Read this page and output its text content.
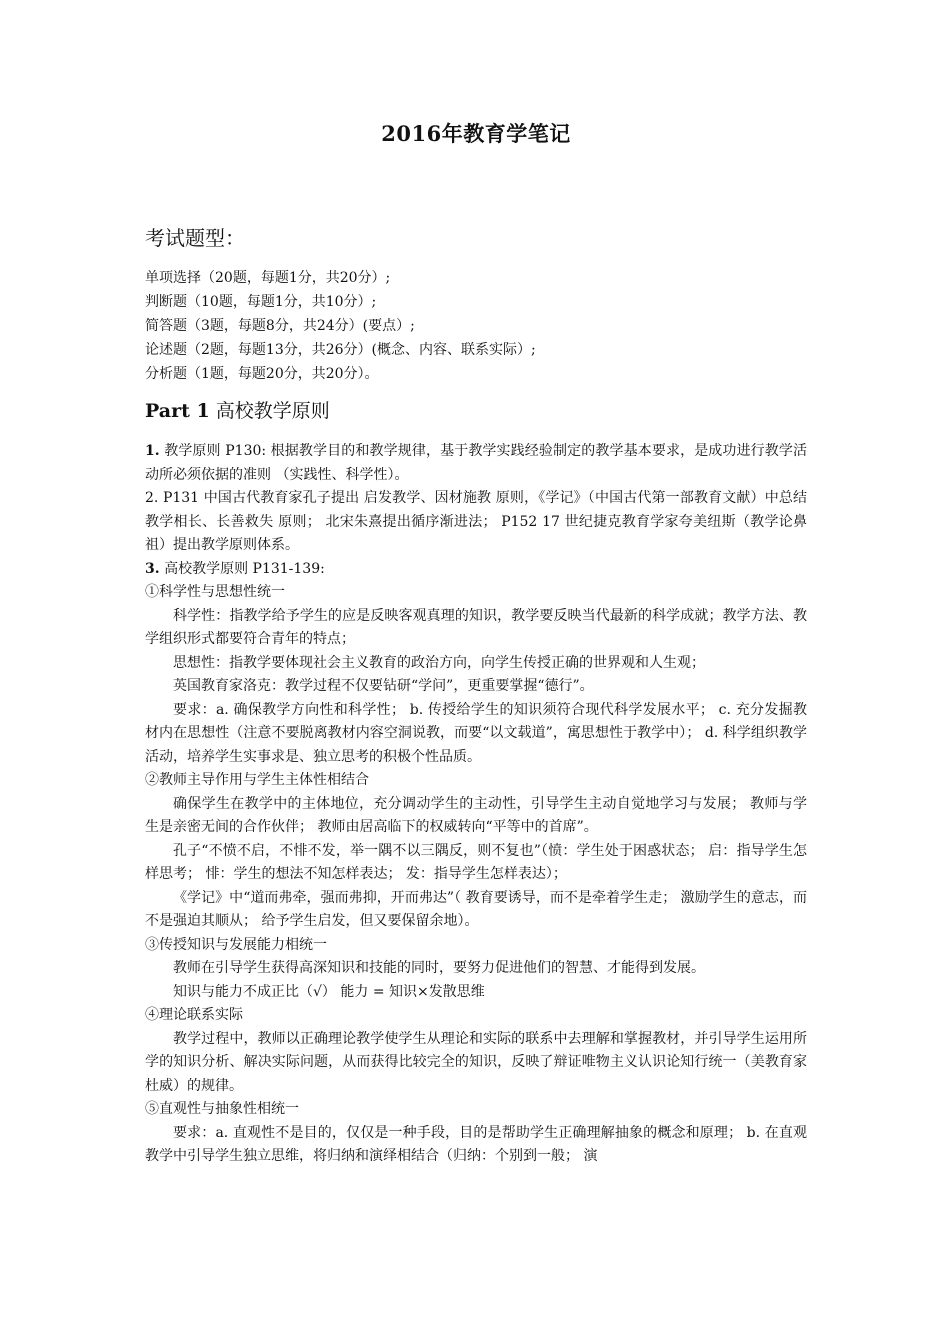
2016年教育学笔记
考试题型：
单项选择（20题，每题1分，共20分）;
判断题（10题，每题1分，共10分）;
简答题（3题，每题8分，共24分）(要点）;
论述题（2题，每题13分，共26分）(概念、内容、联系实际）;
分析题（1题，每题20分，共20分）。
Part 1 高校教学原则

1. 教学原则 P130: 根据教学目的和教学规律，基于教学实践经验制定的教学基本要求，是成功进行教学活动所必须依据的准则 （实践性、科学性）。

2. P131 中国古代教育家孔子提出 启发教学、因材施教 原则，《学记》（中国古代第一部教育文献）中总结 教学相长、长善救失 原则； 北宋朱熹提出循序渐进法； P152 17 世纪捷克教育学家夸美纽斯（教学论鼻祖）提出教学原则体系。

3. 高校教学原则 P131-139:

①科学性与思想性统一

科学性：指教学给予学生的应是反映客观真理的知识，教学要反映当代最新的科学成就；教学方法、教学组织形式都要符合青年的特点；

思想性：指教学要体现社会主义教育的政治方向，向学生传授正确的世界观和人生观；

英国教育家洛克：教学过程不仅要钻研“学问”，更重要掌握“德行”。

要求：a. 确保教学方向性和科学性； b. 传授给学生的知识须符合现代科学发展水平； c. 充分发掘教材内在思想性（注意不要脱离教材内容空洞说教，而要“以文载道”，寓思想性于教学中）； d. 科学组织教学活动，培养学生实事求是、独立思考的积极个性品质。

②教师主导作用与学生主体性相结合

确保学生在教学中的主体地位，充分调动学生的主动性，引导学生主动自觉地学习与发展； 教师与学生是亲密无间的合作伙伴； 教师由居高临下的权威转向“平等中的首席”。

孔子“不愤不启，不悱不发，举一隅不以三隅反，则不复也”（愤：学生处于困惑状态； 启：指导学生怎样思考； 悱：学生的想法不知怎样表达； 发：指导学生怎样表达）；

《学记》中“道而弗牵，强而弗抑，开而弗达”（ 教育要诱导，而不是牵着学生走； 激励学生的意志，而不是强迫其顺从； 给予学生启发，但又要保留余地）。

③传授知识与发展能力相统一

教师在引导学生获得高深知识和技能的同时，要努力促进他们的智慧、才能得到发展。

知识与能力不成正比（√） 能力 = 知识×发散思维

④理论联系实际

教学过程中，教师以正确理论教学使学生从理论和实际的联系中去理解和掌握教材，并引导学生运用所学的知识分析、解决实际问题，从而获得比较完全的知识，反映了辩证唯物主义认识论知行统一（美教育家杜威）的规律。

⑤直观性与抽象性相统一

要求：a. 直观性不是目的，仅仅是一种手段，目的是帮助学生正确理解抽象的概念和原理； b. 在直观教学中引导学生独立思维，将归纳和演绎相结合（归纳：个别到一般； 演
